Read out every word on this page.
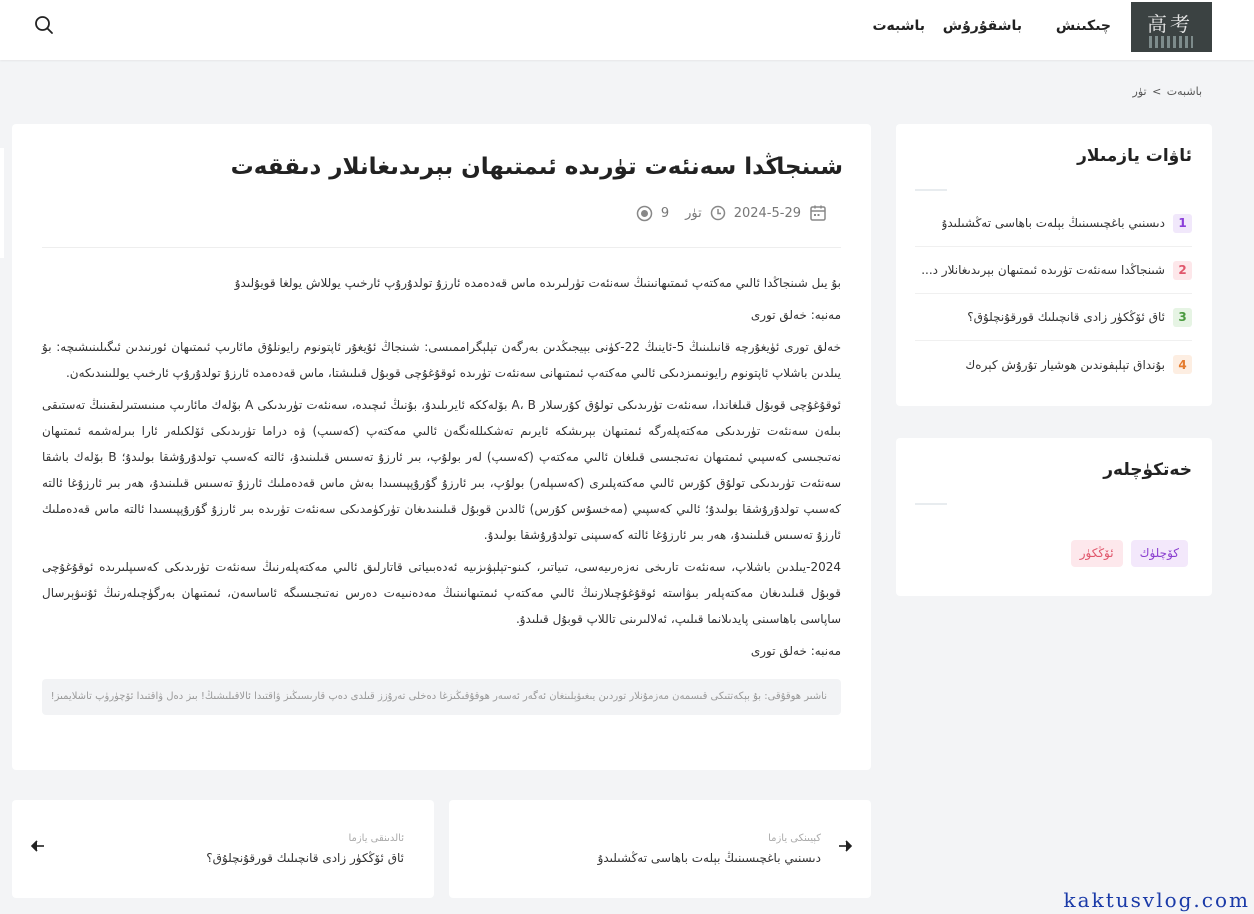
高考
چىكىنش
باشقۇرۇش
باشبەت
باشبەت > تۈر
شىنجاڭدا سەنئەت تۈرىدە ئىمتىھان بېرىدىغانلار دىققەت
2024-5-29
تۈر
9

بۇ يىل شىنجاڭدا ئالىي مەكتەپ ئىمتىھانىنىڭ سەنئەت تۈرلىرىدە ماس قەدەمدە ئارزۇ تولدۇرۇپ ئارخىپ يوللاش يولغا قويۇلىدۇ

مەنبە: خەلق تورى

خەلق تورى ئۈيغۇرچە قانىلىنىڭ 5-ئاينىڭ 22-كۈنى بېيجىڭدىن بەرگەن تېلېگراممىسى: شىنجاڭ ئۇيغۇر ئاپتونوم رايونلۇق مائارىپ ئىمتىھان ئورنىدىن ئىگىلىنىشىچە: بۇ يىلدىن باشلاپ ئاپتونوم رايونىمىزدىكى ئالىي مەكتەپ ئىمتىھانى سەنئەت تۈرىدە ئوقۇغۇچى قوبۇل قىلىشتا، ماس قەدەمدە ئارزۇ تولدۇرۇپ ئارخىپ يوللىنىدىكەن.

ئوقۇغۇچى قوبۇل قىلغاندا، سەنئەت تۈرىدىكى تولۇق كۇرسلار A، B بۆلەككە ئايرىلىدۇ، بۇنىڭ ئىچىدە، سەنئەت تۈرىدىكى A بۆلەك مائارىپ مىنىستىرلىقىنىڭ تەستىقى بىلەن سەنئەت تۈرىدىكى مەكتەپلەرگە ئىمتىھان بېرىشكە ئايرىم تەشكىللەنگەن ئالىي مەكتەپ (كەسىپ) ۋە دراما تۈرىدىكى ئۆلكىلەر ئارا بىرلەشمە ئىمتىھان نەتىجىسى كەسپىي ئىمتىھان نەتىجىسى قىلغان ئالىي مەكتەپ (كەسىپ) لەر بولۇپ، بىر ئارزۇ تەسىس قىلىنىدۇ، ئالتە كەسىپ تولدۇرۇشقا بولىدۇ؛ B بۆلەك باشقا سەنئەت تۈرىدىكى تولۇق كۇرس ئالىي مەكتەپلىرى (كەسىپلەر) بولۇپ، بىر ئارزۇ گۇرۇپپىسىدا بەش ماس قەدەملىك ئارزۇ تەسىس قىلىنىدۇ، ھەر بىر ئارزۇغا ئالتە كەسىپ تولدۇرۇشقا بولىدۇ؛ ئالىي كەسپىي (مەخسۇس كۇرس) ئالدىن قوبۇل قىلىنىدىغان تۈركۈمدىكى سەنئەت تۈرىدە بىر ئارزۇ گۇرۇپپىسىدا ئالتە ماس قەدەملىك ئارزۇ تەسىس قىلىنىدۇ، ھەر بىر ئارزۇغا ئالتە كەسىپنى تولدۇرۇشقا بولىدۇ.

2024-يىلدىن باشلاپ، سەنئەت تارىخى نەزەرىيەسى، تىياتىر، كىنو-تېلېۋىزىيە ئەدەبىياتى قاتارلىق ئالىي مەكتەپلەرنىڭ سەنئەت تۈرىدىكى كەسىپلىرىدە ئوقۇغۇچى قوبۇل قىلىدىغان مەكتەپلەر بىۋاستە ئوقۇغۇچىلارنىڭ ئالىي مەكتەپ ئىمتىھانىنىڭ مەدەنىيەت دەرس نەتىجىسىگە ئاساسەن، ئىمتىھان بەرگۈچىلەرنىڭ ئۇنىۋېرسال ساپاسى باھاسىنى پايدىلانما قىلىپ، ئەلالىرىنى تاللاپ قوبۇل قىلىدۇ.

مەنبە: خەلق تورى

ناشىر ھوقۇقى: بۇ بېكەتتىكى قىسمەن مەزمۇنلار توردىن يىغىۋېلىنغان ئەگەر ئەسەر ھوقۇقىڭىزغا دەخلى تەرۇزز قىلدى دەپ قارىسىڭىز ۋاقتىدا ئالاقىلىشىڭ! بىز دەل ۋاقتىدا ئۆچۈرۈپ تاشلايمىز!
ئاۋات يازمىلار
1
دىسنىي باغچىسىنىڭ بېلەت باھاسى تەڭشىلىدۇ
2
شىنجاڭدا سەنئەت تۈرىدە ئىمتىھان بېرىدىغانلار د...
3
ئاق ئۆڭكۈر زادى قانچىلىك قورقۇنچلۇق؟
4
بۇنداق تېلېفوندىن ھوشيار تۇرۇش كېرەك
خەتكۈچلەر
كۆچلۈك
ئۆڭكۈر
ئالدىنقى يازما
ئاق ئۆڭكۈر زادى قانچىلىك قورقۇنچلۇق؟
كېيىنكى يازما
دىسنىي باغچىسىنىڭ بېلەت باھاسى تەڭشىلىدۇ
kaktusvlog.com
